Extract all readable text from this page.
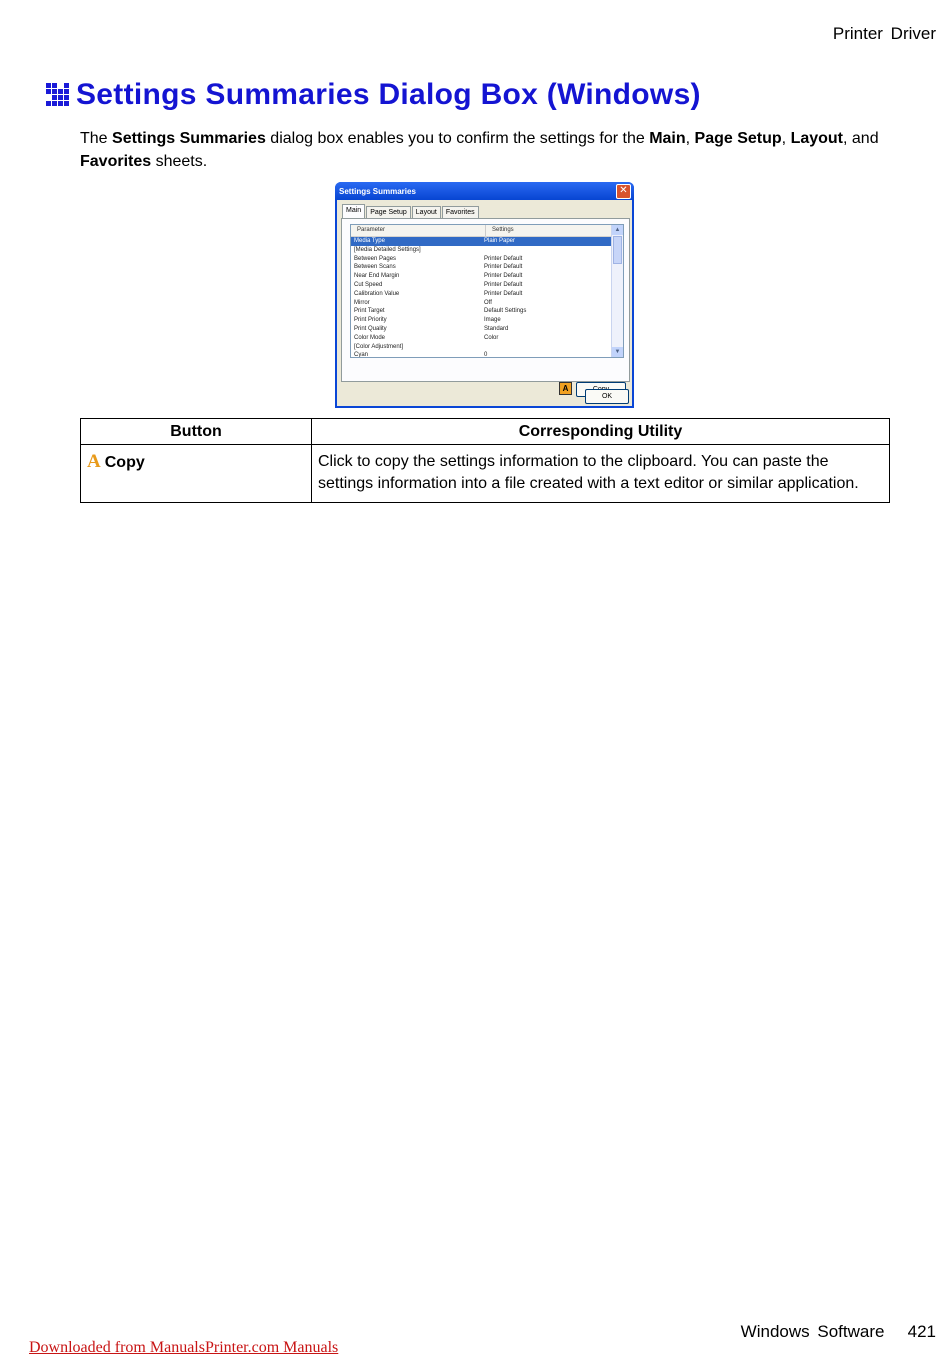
Printer Driver
Settings Summaries Dialog Box (Windows)

The Settings Summaries dialog box enables you to confirm the settings for the Main, Page Setup, Layout, and Favorites sheets.

Settings Summaries	✕
Main	Page Setup	Layout	Favorites
Parameter	Settings
Media Type	Plain Paper
[Media Detailed Settings]
Between Pages	Printer Default
Between Scans	Printer Default
Near End Margin	Printer Default
Cut Speed	Printer Default
Calibration Value	Printer Default
Mirror	Off
Print Target	Default Settings
Print Priority	Image
Print Quality	Standard
Color Mode	Color
[Color Adjustment]
Cyan	0
▲
▼
A
OK
Button	Corresponding Utility
A Copy	Click to copy the settings information to the clipboard. You can paste the settings information into a file created with a text editor or similar application.
Windows Software 421
Downloaded from ManualsPrinter.com Manuals
